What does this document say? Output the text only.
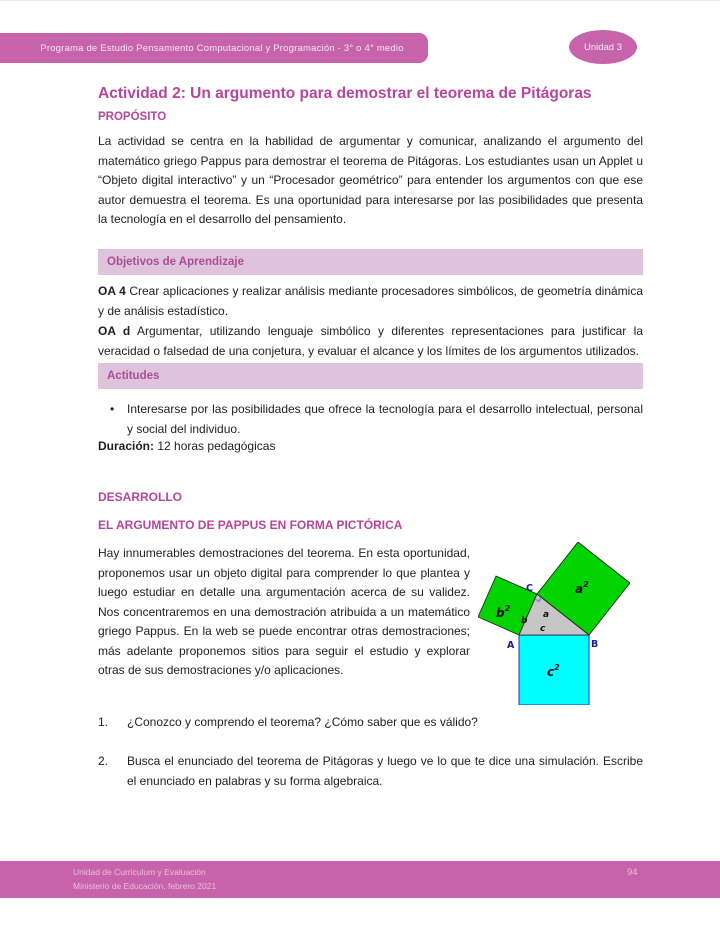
Programa de Estudio Pensamiento Computacional y Programación - 3° o 4° medio	Unidad 3
Actividad 2: Un argumento para demostrar el teorema de Pitágoras
PROPÓSITO
La actividad se centra en la habilidad de argumentar y comunicar, analizando el argumento del matemático griego Pappus para demostrar el teorema de Pitágoras. Los estudiantes usan un Applet u “Objeto digital interactivo” y un “Procesador geométrico” para entender los argumentos con que ese autor demuestra el teorema. Es una oportunidad para interesarse por las posibilidades que presenta la tecnología en el desarrollo del pensamiento.
Objetivos de Aprendizaje
OA 4 Crear aplicaciones y realizar análisis mediante procesadores simbólicos, de geometría dinámica y de análisis estadístico.
OA d Argumentar, utilizando lenguaje simbólico y diferentes representaciones para justificar la veracidad o falsedad de una conjetura, y evaluar el alcance y los límites de los argumentos utilizados.
Actitudes
• Interesarse por las posibilidades que ofrece la tecnología para el desarrollo intelectual, personal y social del individuo.
Duración: 12 horas pedagógicas
DESARROLLO
EL ARGUMENTO DE PAPPUS EN FORMA PICTÓRICA
Hay innumerables demostraciones del teorema. En esta oportunidad, proponemos usar un objeto digital para comprender lo que plantea y luego estudiar en detalle una argumentación acerca de su validez. Nos concentraremos en una demostración atribuida a un matemático griego Pappus. En la web se puede encontrar otras demostraciones; más adelante proponemos sitios para seguir el estudio y explorar otras de sus demostraciones y/o aplicaciones.
$b^2$
$a^2$
$c^2$
C
A	B
b
a
c
1. ¿Conozco y comprendo el teorema? ¿Cómo saber que es válido?
2. Busca el enunciado del teorema de Pitágoras y luego ve lo que te dice una simulación. Escribe el enunciado en palabras y su forma algebraica.
Unidad de Curriculum y Evaluación
Ministerio de Educación, febrero 2021
94
